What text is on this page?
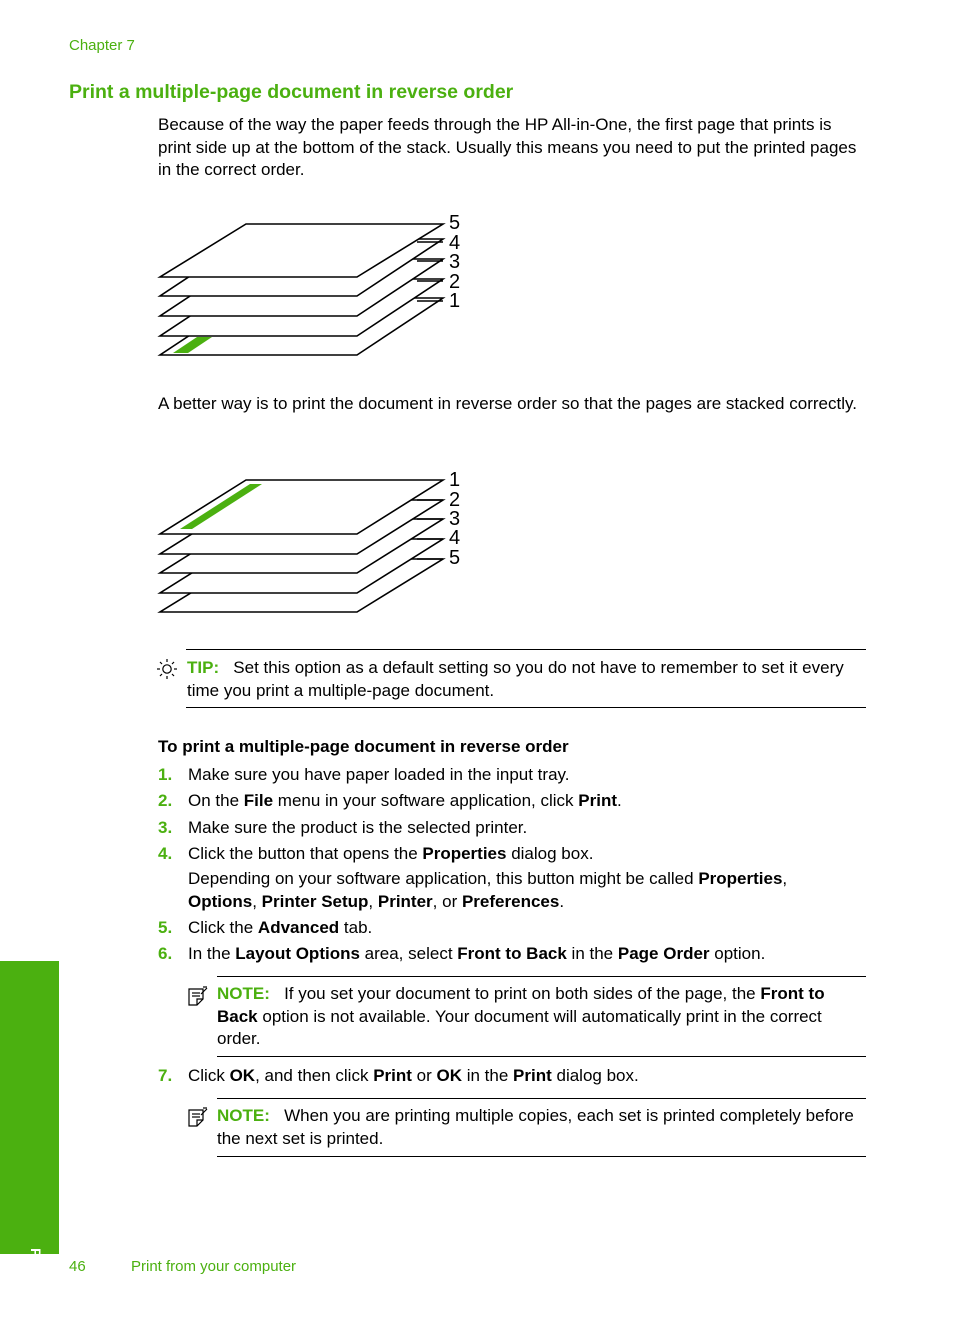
Chapter 7
Print a multiple-page document in reverse order

Because of the way the paper feeds through the HP All-in-One, the first page that prints is print side up at the bottom of the stack. Usually this means you need to put the printed pages in the correct order.

5
4
3
2
1

A better way is to print the document in reverse order so that the pages are stacked correctly.

1
2
3
4
5

TIP: Set this option as a default setting so you do not have to remember to set it every time you print a multiple-page document.

To print a multiple-page document in reverse order
1. Make sure you have paper loaded in the input tray.
2. On the File menu in your software application, click Print.
3. Make sure the product is the selected printer.
4. Click the button that opens the Properties dialog box.
Depending on your software application, this button might be called Properties,
Options, Printer Setup, Printer, or Preferences.
5. Click the Advanced tab.
6. In the Layout Options area, select Front to Back in the Page Order option.

NOTE: If you set your document to print on both sides of the page, the Front to Back option is not available. Your document will automatically print in the correct order.

7. Click OK, and then click Print or OK in the Print dialog box.

NOTE: When you are printing multiple copies, each set is printed completely before the next set is printed.

Print 46	Print from your computer
